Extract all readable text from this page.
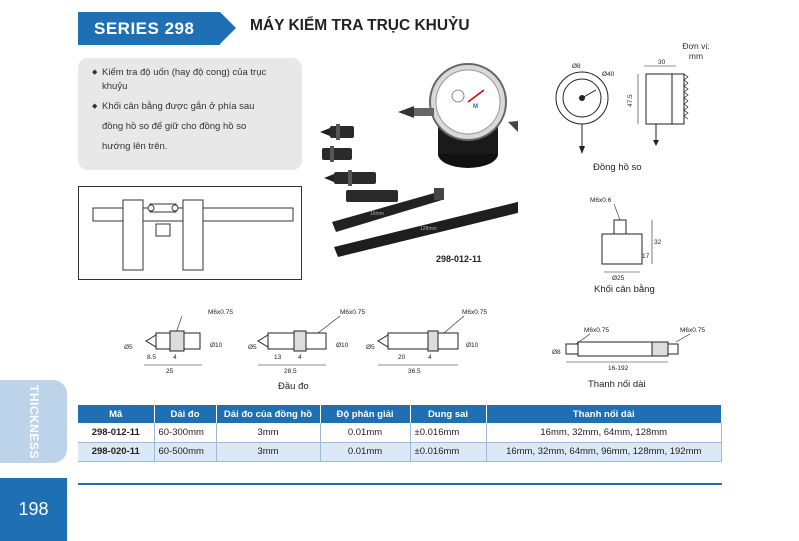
SERIES 298	MÁY KIỂM TRA TRỤC KHUỶU
Đơn vị:
mm
◆ Kiểm tra độ uốn (hay độ cong) của trục khuỷu
◆ Khối cân bằng được gắn ở phía sau
đồng hồ so để giữ cho đồng hồ so
hướng lên trên.
16mm
128mm
M
298-012-11
Ø8
Ø40
30
47.5
Đồng hồ so
M6x0.6
Ø25
32
17
Khối cân bằng
M6x0.75
Ø5	Ø10
8.5	4
25
M6x0.75
Ø5	Ø10
13	4
28.5
M6x0.75
Ø5	Ø10
20	4
36.5
Đầu đo
M6x0.75	M6x0.75
Ø8
16-192
Thanh nối dài
Mã	Dải đo	Dải đo của đồng hồ	Độ phân giải	Dung sai	Thanh nối dài
298-012-11	60-300mm	3mm	0.01mm	±0.016mm	16mm, 32mm, 64mm, 128mm
298-020-11	60-500mm	3mm	0.01mm	±0.016mm	16mm, 32mm, 64mm, 96mm, 128mm, 192mm
THICKNESS
198
